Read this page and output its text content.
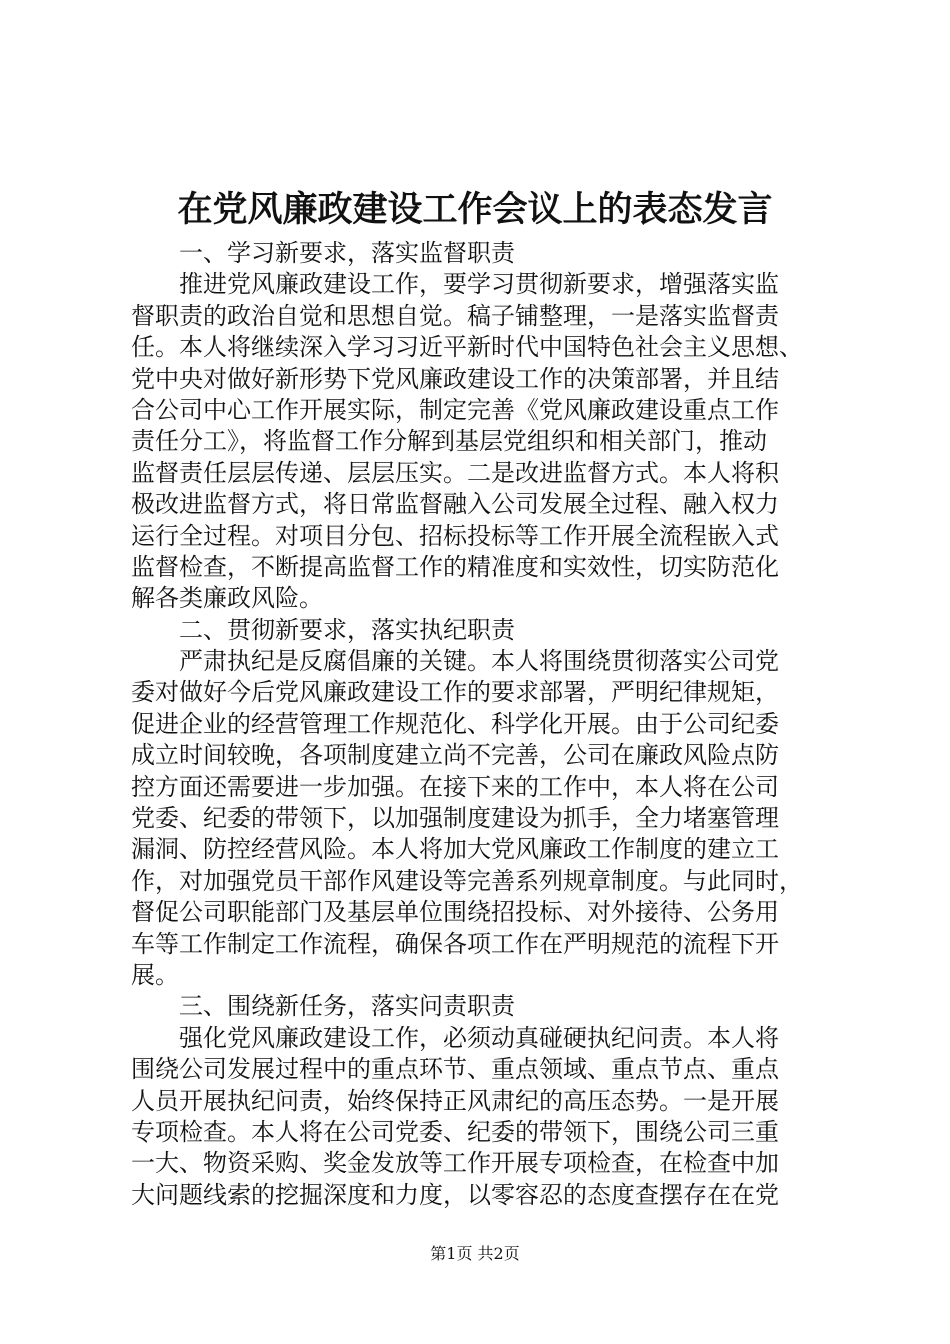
在党风廉政建设工作会议上的表态发言
　　一、学习新要求，落实监督职责
　　推进党风廉政建设工作，要学习贯彻新要求，增强落实监
督职责的政治自觉和思想自觉。稿子铺整理，一是落实监督责
任。本人将继续深入学习习近平新时代中国特色社会主义思想、
党中央对做好新形势下党风廉政建设工作的决策部署，并且结
合公司中心工作开展实际，制定完善《党风廉政建设重点工作
责任分工》，将监督工作分解到基层党组织和相关部门，推动
监督责任层层传递、层层压实。二是改进监督方式。本人将积
极改进监督方式，将日常监督融入公司发展全过程、融入权力
运行全过程。对项目分包、招标投标等工作开展全流程嵌入式
监督检查，不断提高监督工作的精准度和实效性，切实防范化
解各类廉政风险。
　　二、贯彻新要求，落实执纪职责
　　严肃执纪是反腐倡廉的关键。本人将围绕贯彻落实公司党
委对做好今后党风廉政建设工作的要求部署，严明纪律规矩，
促进企业的经营管理工作规范化、科学化开展。由于公司纪委
成立时间较晚，各项制度建立尚不完善，公司在廉政风险点防
控方面还需要进一步加强。在接下来的工作中，本人将在公司
党委、纪委的带领下，以加强制度建设为抓手，全力堵塞管理
漏洞、防控经营风险。本人将加大党风廉政工作制度的建立工
作，对加强党员干部作风建设等完善系列规章制度。与此同时，
督促公司职能部门及基层单位围绕招投标、对外接待、公务用
车等工作制定工作流程，确保各项工作在严明规范的流程下开
展。
　　三、围绕新任务，落实问责职责
　　强化党风廉政建设工作，必须动真碰硬执纪问责。本人将
围绕公司发展过程中的重点环节、重点领域、重点节点、重点
人员开展执纪问责，始终保持正风肃纪的高压态势。一是开展
专项检查。本人将在公司党委、纪委的带领下，围绕公司三重
一大、物资采购、奖金发放等工作开展专项检查，在检查中加
大问题线索的挖掘深度和力度，以零容忍的态度查摆存在在党
第1页 共2页
